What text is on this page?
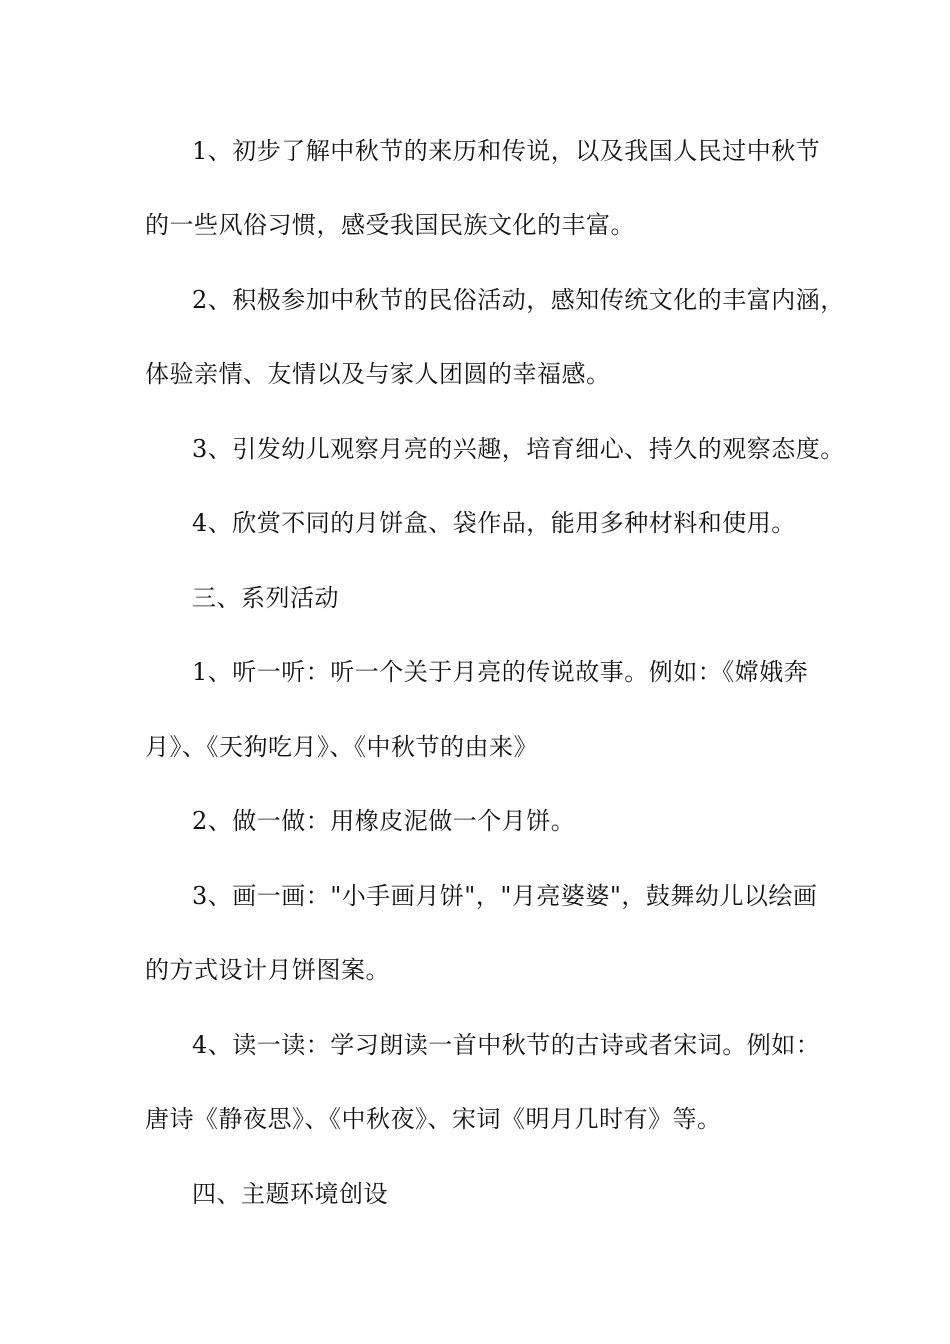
1、初步了解中秋节的来历和传说，以及我国人民过中秋节
的一些风俗习惯，感受我国民族文化的丰富。
2、积极参加中秋节的民俗活动，感知传统文化的丰富内涵，
体验亲情、友情以及与家人团圆的幸福感。
3、引发幼儿观察月亮的兴趣，培育细心、持久的观察态度。
4、欣赏不同的月饼盒、袋作品，能用多种材料和使用。
三、系列活动
1、听一听：听一个关于月亮的传说故事。例如：《嫦娥奔
月》、《天狗吃月》、《中秋节的由来》
2、做一做：用橡皮泥做一个月饼。
3、画一画："小手画月饼"，"月亮婆婆"，鼓舞幼儿以绘画
的方式设计月饼图案。
4、读一读：学习朗读一首中秋节的古诗或者宋词。例如：
唐诗《静夜思》、《中秋夜》、宋词《明月几时有》等。
四、主题环境创设
